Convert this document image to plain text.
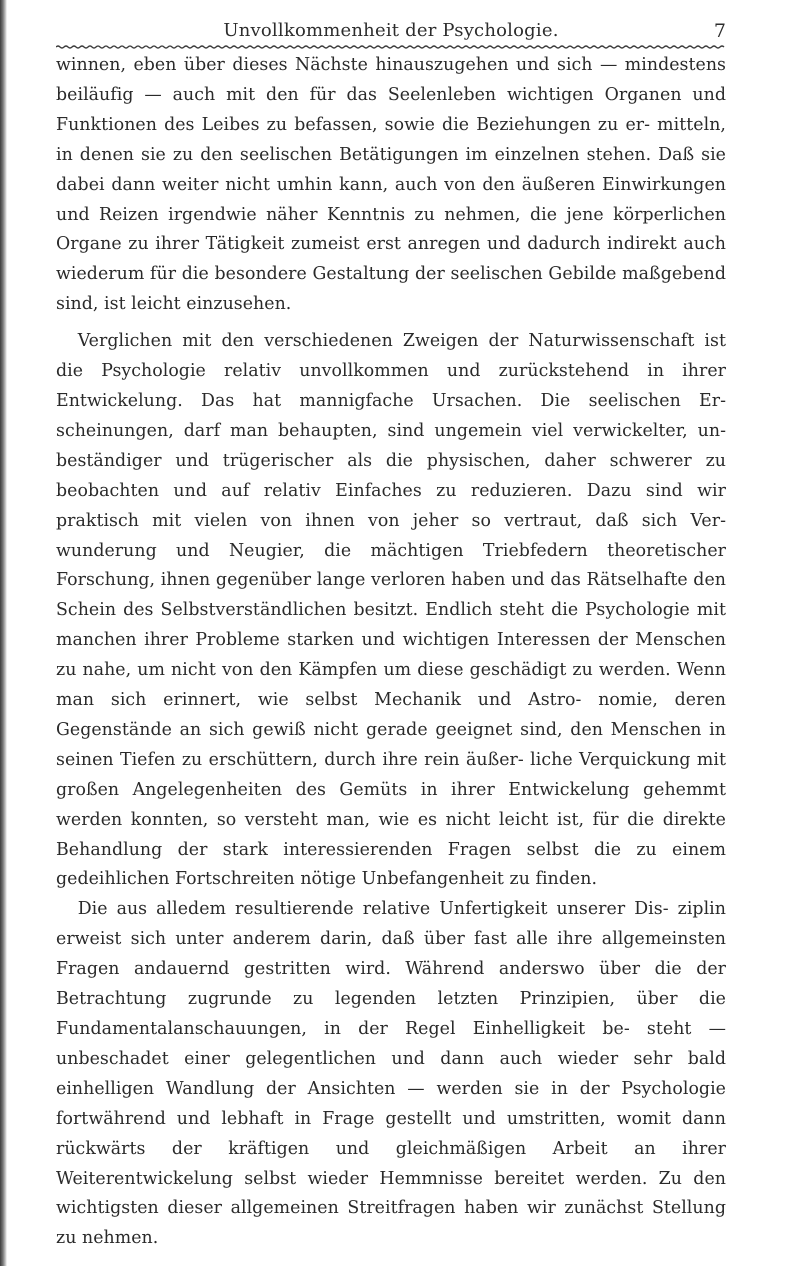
Unvollkommenheit der Psychologie.	7

winnen, eben über dieses Nächste hinauszugehen und sich — mindestens beiläufig — auch mit den für das Seelenleben wichtigen Organen und Funktionen des Leibes zu befassen, sowie die Beziehungen zu er- mitteln, in denen sie zu den seelischen Betätigungen im einzelnen stehen. Daß sie dabei dann weiter nicht umhin kann, auch von den äußeren Einwirkungen und Reizen irgendwie näher Kenntnis zu nehmen, die jene körperlichen Organe zu ihrer Tätigkeit zumeist erst anregen und dadurch indirekt auch wiederum für die besondere Gestaltung der seelischen Gebilde maßgebend sind, ist leicht einzusehen.

Verglichen mit den verschiedenen Zweigen der Naturwissenschaft ist die Psychologie relativ unvollkommen und zurückstehend in ihrer Entwickelung. Das hat mannigfache Ursachen. Die seelischen Er- scheinungen, darf man behaupten, sind ungemein viel verwickelter, un- beständiger und trügerischer als die physischen, daher schwerer zu beobachten und auf relativ Einfaches zu reduzieren. Dazu sind wir praktisch mit vielen von ihnen von jeher so vertraut, daß sich Ver- wunderung und Neugier, die mächtigen Triebfedern theoretischer Forschung, ihnen gegenüber lange verloren haben und das Rätselhafte den Schein des Selbstverständlichen besitzt. Endlich steht die Psychologie mit manchen ihrer Probleme starken und wichtigen Interessen der Menschen zu nahe, um nicht von den Kämpfen um diese geschädigt zu werden. Wenn man sich erinnert, wie selbst Mechanik und Astro- nomie, deren Gegenstände an sich gewiß nicht gerade geeignet sind, den Menschen in seinen Tiefen zu erschüttern, durch ihre rein äußer- liche Verquickung mit großen Angelegenheiten des Gemüts in ihrer Entwickelung gehemmt werden konnten, so versteht man, wie es nicht leicht ist, für die direkte Behandlung der stark interessierenden Fragen selbst die zu einem gedeihlichen Fortschreiten nötige Unbefangenheit zu finden.

Die aus alledem resultierende relative Unfertigkeit unserer Dis- ziplin erweist sich unter anderem darin, daß über fast alle ihre allgemeinsten Fragen andauernd gestritten wird. Während anderswo über die der Betrachtung zugrunde zu legenden letzten Prinzipien, über die Fundamentalanschauungen, in der Regel Einhelligkeit be- steht — unbeschadet einer gelegentlichen und dann auch wieder sehr bald einhelligen Wandlung der Ansichten — werden sie in der Psychologie fortwährend und lebhaft in Frage gestellt und umstritten, womit dann rückwärts der kräftigen und gleichmäßigen Arbeit an ihrer Weiterentwickelung selbst wieder Hemmnisse bereitet werden. Zu den wichtigsten dieser allgemeinen Streitfragen haben wir zunächst Stellung zu nehmen.
